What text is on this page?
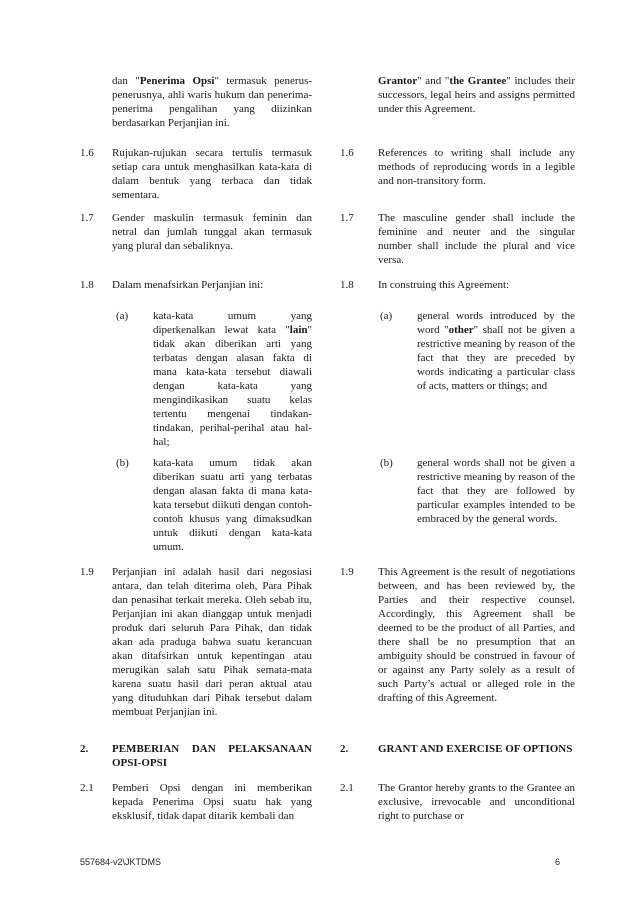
dan "Penerima Opsi" termasuk penerus-penerusnya, ahli waris hukum dan penerima-penerima pengalihan yang diizinkan berdasarkan Perjanjian ini.

1.6 Rujukan-rujukan secara tertulis termasuk setiap cara untuk menghasilkan kata-kata di dalam bentuk yang terbaca dan tidak sementara.

1.7 Gender maskulin termasuk feminin dan netral dan jumlah tunggal akan termasuk yang plural dan sebaliknya.

1.8 Dalam menafsirkan Perjanjian ini:

(a) kata-kata umum yang diperkenalkan lewat kata "lain" tidak akan diberikan arti yang terbatas dengan alasan fakta di mana kata-kata tersebut diawali dengan kata-kata yang mengindikasikan suatu kelas tertentu mengenai tindakan-tindakan, perihal-perihal atau hal-hal;

(b) kata-kata umum tidak akan diberikan suatu arti yang terbatas dengan alasan fakta di mana kata-kata tersebut diikuti dengan contoh-contoh khusus yang dimaksudkan untuk diikuti dengan kata-kata umum.

1.9 Perjanjian ini adalah hasil dari negosiasi antara, dan telah diterima oleh, Para Pihak dan penasihat terkait mereka. Oleh sebab itu, Perjanjian ini akan dianggap untuk menjadi produk dari seluruh Para Pihak, dan tidak akan ada praduga bahwa suatu kerancuan akan ditafsirkan untuk kepentingan atau merugikan salah satu Pihak semata-mata karena suatu hasil dari peran aktual atau yang dituduhkan dari Pihak tersebut dalam membuat Perjanjian ini.

2. PEMBERIAN DAN PELAKSANAAN OPSI-OPSI

2.1 Pemberi Opsi dengan ini memberikan kepada Penerima Opsi suatu hak yang eksklusif, tidak dapat ditarik kembali dan

Grantor" and "the Grantee" includes their successors, legal heirs and assigns permitted under this Agreement.

1.6 References to writing shall include any methods of reproducing words in a legible and non-transitory form.

1.7 The masculine gender shall include the feminine and neuter and the singular number shall include the plural and vice versa.

1.8 In construing this Agreement:

(a) general words introduced by the word "other" shall not be given a restrictive meaning by reason of the fact that they are preceded by words indicating a particular class of acts, matters or things; and

(b) general words shall not be given a restrictive meaning by reason of the fact that they are followed by particular examples intended to be embraced by the general words.

1.9 This Agreement is the result of negotiations between, and has been reviewed by, the Parties and their respective counsel. Accordingly, this Agreement shall be deemed to be the product of all Parties, and there shall be no presumption that an ambiguity should be construed in favour of or against any Party solely as a result of such Party’s actual or alleged role in the drafting of this Agreement.

2.	GRANT AND EXERCISE OF OPTIONS

2.1 The Grantor hereby grants to the Grantee an exclusive, irrevocable and unconditional right to purchase or

557684-v2\JKTDMS	6
